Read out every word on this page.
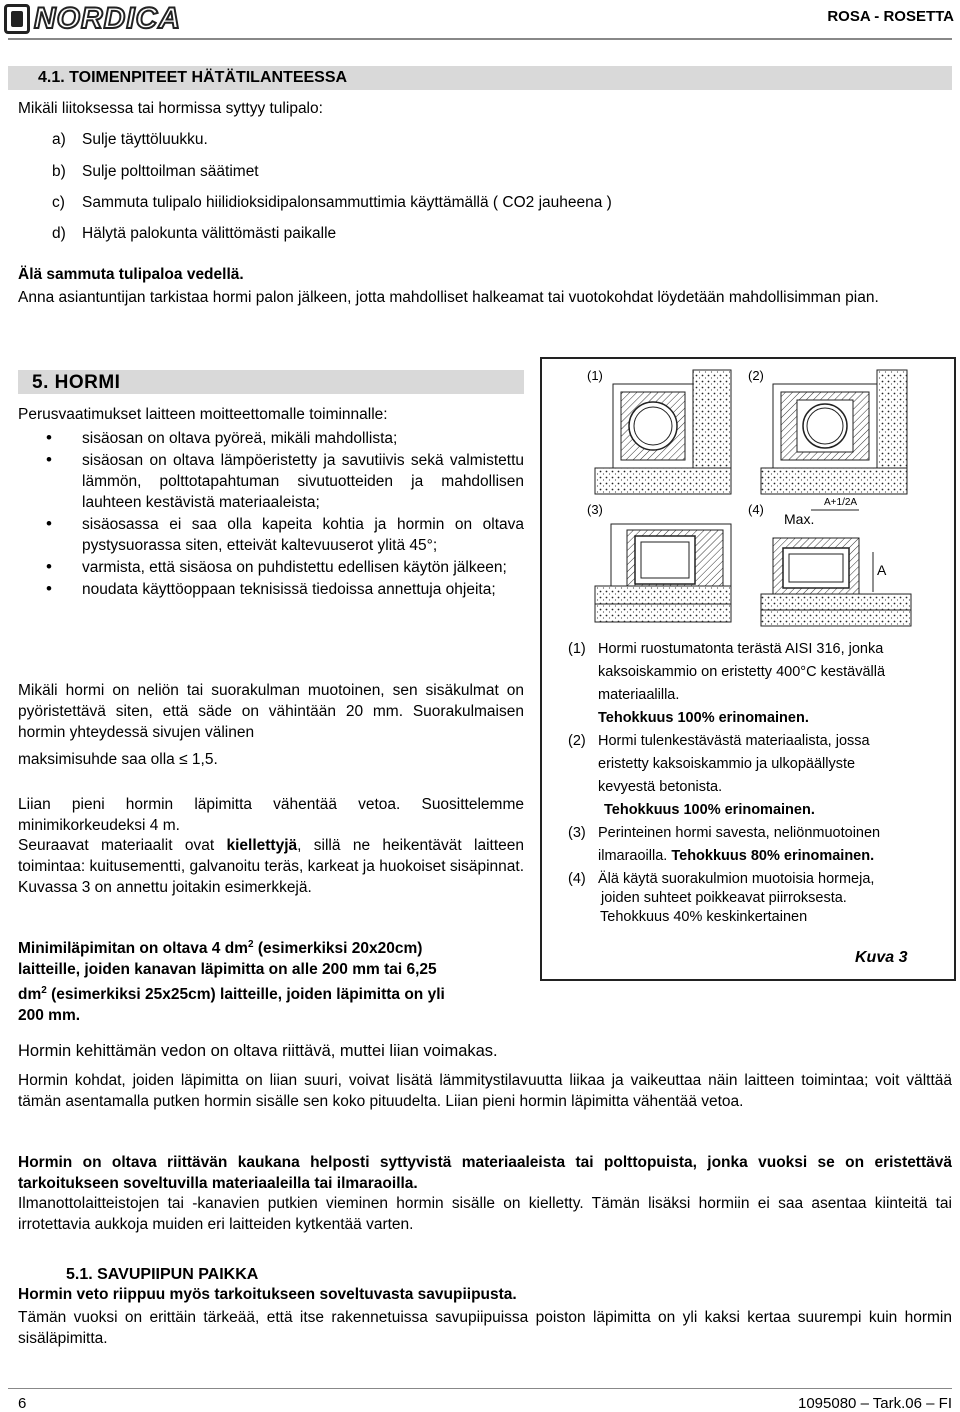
NORDICA	ROSA - ROSETTA
4.1. TOIMENPITEET HÄTÄTILANTEESSA
Mikäli liitoksessa tai hormissa syttyy tulipalo:
a) Sulje täyttöluukku.
b) Sulje polttoilman säätimet
c) Sammuta tulipalo hiilidioksidipalonsammuttimia käyttämällä ( CO2 jauheena )
d) Hälytä palokunta välittömästi paikalle
Älä sammuta tulipaloa vedellä.
Anna asiantuntijan tarkistaa hormi palon jälkeen, jotta mahdolliset halkeamat tai vuotokohdat löydetään mahdollisimman pian.
5. HORMI
Perusvaatimukset laitteen moitteettomalle toiminnalle:
• sisäosan on oltava pyöreä, mikäli mahdollista;
• sisäosan on oltava lämpöeristetty ja savutiivis sekä valmistettu lämmön, polttotapahtuman sivutuotteiden ja mahdollisen lauhteen kestävistä materiaaleista;
• sisäosassa ei saa olla kapeita kohtia ja hormin on oltava pystysuorassa siten, etteivät kaltevuuserot ylitä 45°;
• varmista, että sisäosa on puhdistettu edellisen käytön jälkeen;
• noudata käyttöoppaan teknisissä tiedoissa annettuja ohjeita;
Mikäli hormi on neliön tai suorakulman muotoinen, sen sisäkulmat on pyöristettävä siten, että säde on vähintään 20 mm. Suorakulmaisen hormin yhteydessä sivujen välinen
maksimisuhde saa olla ≤ 1,5.
Liian pieni hormin läpimitta vähentää vetoa. Suosittelemme minimikorkeudeksi 4 m.
Seuraavat materiaalit ovat kiellettyjä, sillä ne heikentävät laitteen toimintaa: kuitusementti, galvanoitu teräs, karkeat ja huokoiset sisäpinnat. Kuvassa 3 on annettu joitakin esimerkkejä.
Minimiläpimitan on oltava 4 $dm^2$ (esimerkiksi 20x20cm)
laitteille, joiden kanavan läpimitta on alle 200 mm tai 6,25
$dm^2$ (esimerkiksi 25x25cm) laitteille, joiden läpimitta on yli
200 mm.
(1)	(2)
(3)	(4)	A+1/2A
Max.
A

(1) Hormi ruostumatonta terästä AISI 316, jonka

kaksoiskammio on eristetty 400°C kestävällä

materiaalilla.

Tehokkuus 100% erinomainen.

(2) Hormi tulenkestävästä materiaalista, jossa

eristetty kaksoiskammio ja ulkopäällyste

kevyestä betonista.

Tehokkuus 100% erinomainen.

(3) Perinteinen hormi savesta, neliönmuotoinen

ilmaraoilla. Tehokkuus 80% erinomainen.

(4) Älä käytä suorakulmion muotoisia hormeja,

joiden suhteet poikkeavat piirroksesta.

Tehokkuus 40% keskinkertainen

Kuva 3
Hormin kehittämän vedon on oltava riittävä, muttei liian voimakas.
Hormin kohdat, joiden läpimitta on liian suuri, voivat lisätä lämmitystilavuutta liikaa ja vaikeuttaa näin laitteen toimintaa; voit välttää tämän asentamalla putken hormin sisälle sen koko pituudelta. Liian pieni hormin läpimitta vähentää vetoa.
Hormin on oltava riittävän kaukana helposti syttyvistä materiaaleista tai polttopuista, jonka vuoksi se on eristettävä tarkoitukseen soveltuvilla materiaaleilla tai ilmaraoilla.
Ilmanottolaitteistojen tai -kanavien putkien vieminen hormin sisälle on kielletty. Tämän lisäksi hormiin ei saa asentaa kiinteitä tai irrotettavia aukkoja muiden eri laitteiden kytkentää varten.
5.1. SAVUPIIPUN PAIKKA
Hormin veto riippuu myös tarkoitukseen soveltuvasta savupiipusta.
Tämän vuoksi on erittäin tärkeää, että itse rakennetuissa savupiipuissa poiston läpimitta on yli kaksi kertaa suurempi kuin hormin sisäläpimitta.
6	1095080 – Tark.06 – FI
